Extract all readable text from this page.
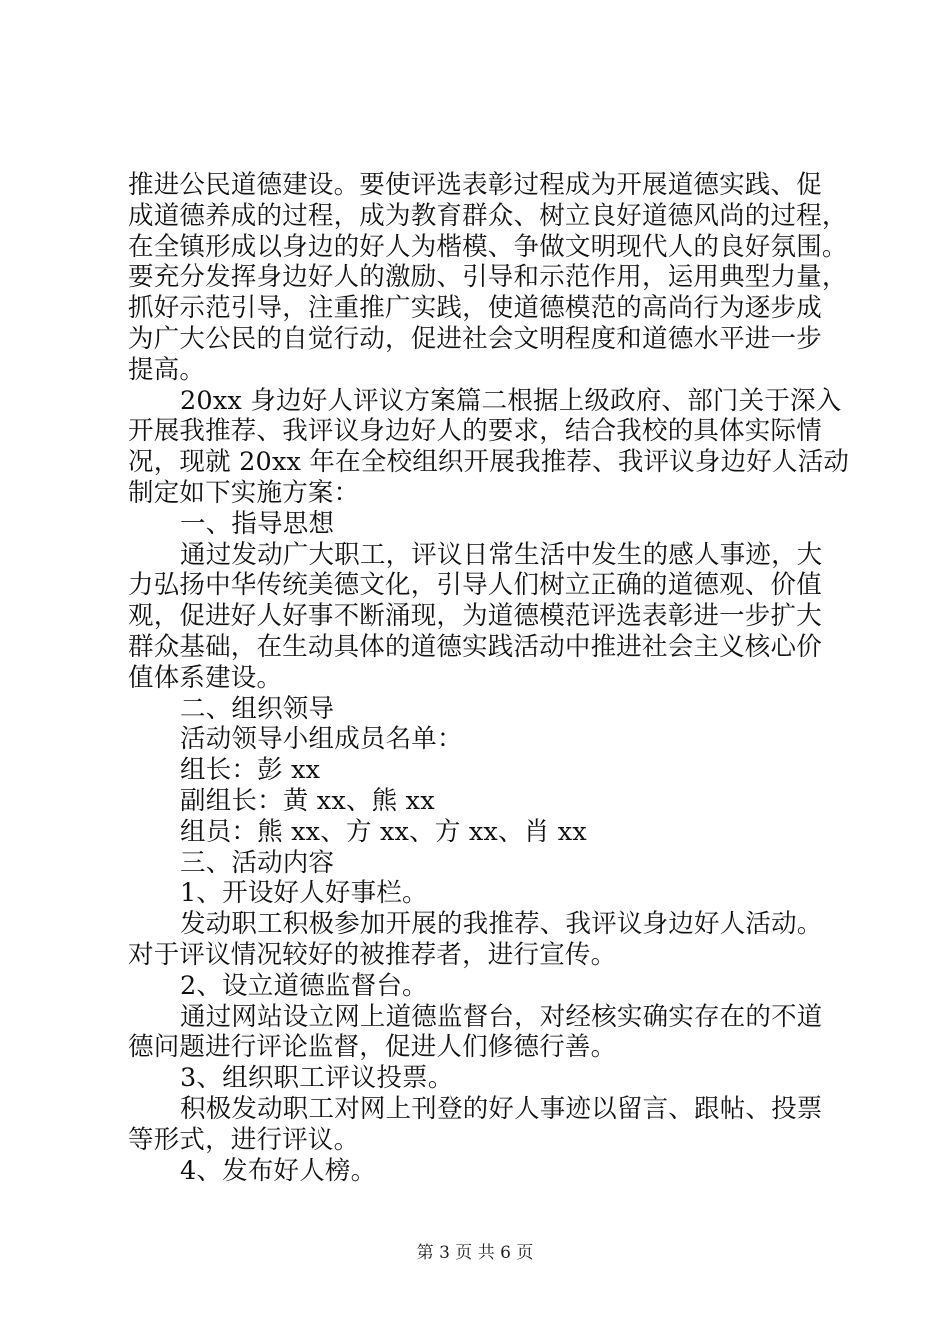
推进公民道德建设。要使评选表彰过程成为开展道德实践、促
成道德养成的过程，成为教育群众、树立良好道德风尚的过程，
在全镇形成以身边的好人为楷模、争做文明现代人的良好氛围。
要充分发挥身边好人的激励、引导和示范作用，运用典型力量，
抓好示范引导，注重推广实践，使道德模范的高尚行为逐步成
为广大公民的自觉行动，促进社会文明程度和道德水平进一步
提高。
20xx 身边好人评议方案篇二根据上级政府、部门关于深入
开展我推荐、我评议身边好人的要求，结合我校的具体实际情
况，现就 20xx 年在全校组织开展我推荐、我评议身边好人活动
制定如下实施方案：
一、指导思想
通过发动广大职工，评议日常生活中发生的感人事迹，大
力弘扬中华传统美德文化，引导人们树立正确的道德观、价值
观，促进好人好事不断涌现，为道德模范评选表彰进一步扩大
群众基础，在生动具体的道德实践活动中推进社会主义核心价
值体系建设。
二、组织领导
活动领导小组成员名单：
组长：彭 xx
副组长：黄 xx、熊 xx
组员：熊 xx、方 xx、方 xx、肖 xx
三、活动内容
1、开设好人好事栏。
发动职工积极参加开展的我推荐、我评议身边好人活动。
对于评议情况较好的被推荐者，进行宣传。
2、设立道德监督台。
通过网站设立网上道德监督台，对经核实确实存在的不道
德问题进行评论监督，促进人们修德行善。
3、组织职工评议投票。
积极发动职工对网上刊登的好人事迹以留言、跟帖、投票
等形式，进行评议。
4、发布好人榜。
第 3 页 共 6 页
